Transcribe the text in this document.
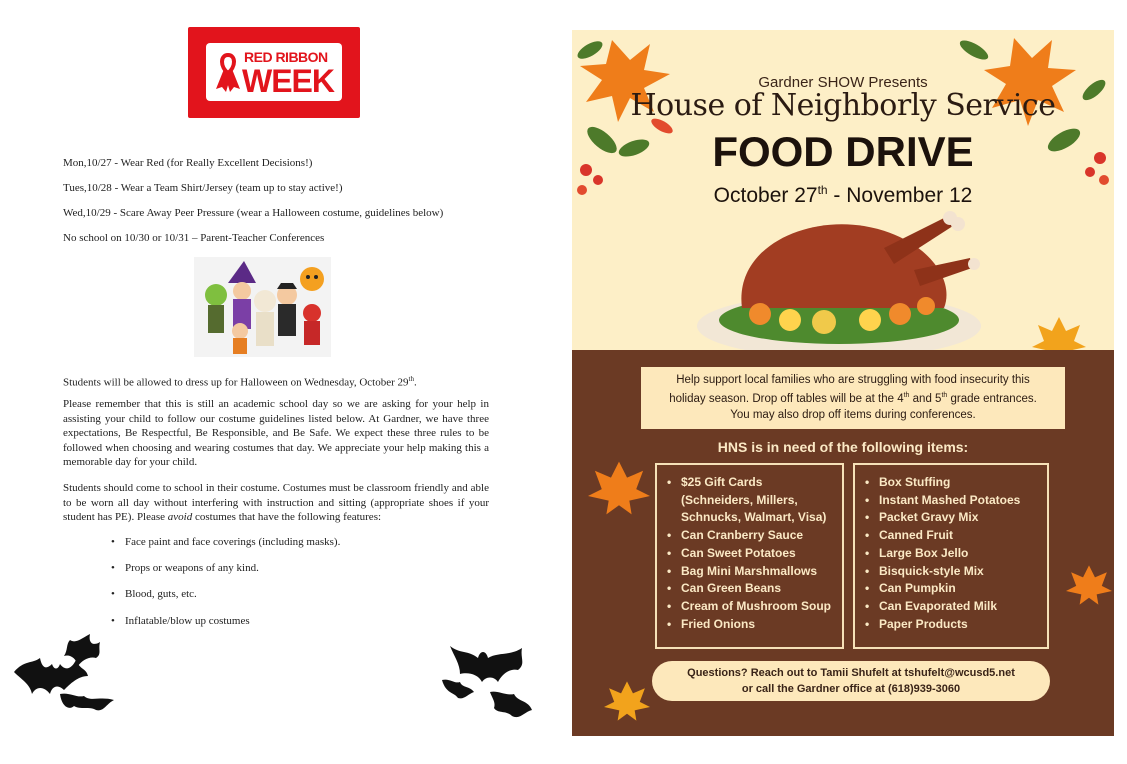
RED RIBBON
WEEK
Mon,10/27 - Wear Red (for Really Excellent Decisions!)
Tues,10/28 - Wear a Team Shirt/Jersey (team up to stay active!)
Wed,10/29 - Scare Away Peer Pressure (wear a Halloween costume, guidelines below)
No school on 10/30 or 10/31 – Parent-Teacher Conferences
Students will be allowed to dress up for Halloween on Wednesday, October 29th.
Please remember that this is still an academic school day so we are asking for your help in assisting your child to follow our costume guidelines listed below. At Gardner, we have three expectations, Be Respectful, Be Responsible, and Be Safe. We expect these three rules to be followed when choosing and wearing costumes that day. We appreciate your help making this a memorable day for your child.
Students should come to school in their costume. Costumes must be classroom friendly and able to be worn all day without interfering with instruction and sitting (appropriate shoes if your student has PE). Please avoid costumes that have the following features:
• Face paint and face coverings (including masks).
• Props or weapons of any kind.
• Blood, guts, etc.
• Inflatable/blow up costumes
Gardner SHOW Presents
House of Neighborly Service
FOOD DRIVE
October 27th - November 12
Help support local families who are struggling with food insecurity this
holiday season. Drop off tables will be at the 4th and 5th grade entrances.
You may also drop off items during conferences.
HNS is in need of the following items:
• $25 Gift Cards
(Schneiders, Millers,
Schnucks, Walmart, Visa)
• Can Cranberry Sauce
• Can Sweet Potatoes
• Bag Mini Marshmallows
• Can Green Beans
• Cream of Mushroom Soup
• Fried Onions
• Box Stuffing
• Instant Mashed Potatoes
• Packet Gravy Mix
• Canned Fruit
• Large Box Jello
• Bisquick-style Mix
• Can Pumpkin
• Can Evaporated Milk
• Paper Products
Questions? Reach out to Tamii Shufelt at tshufelt@wcusd5.net
or call the Gardner office at (618)939-3060
